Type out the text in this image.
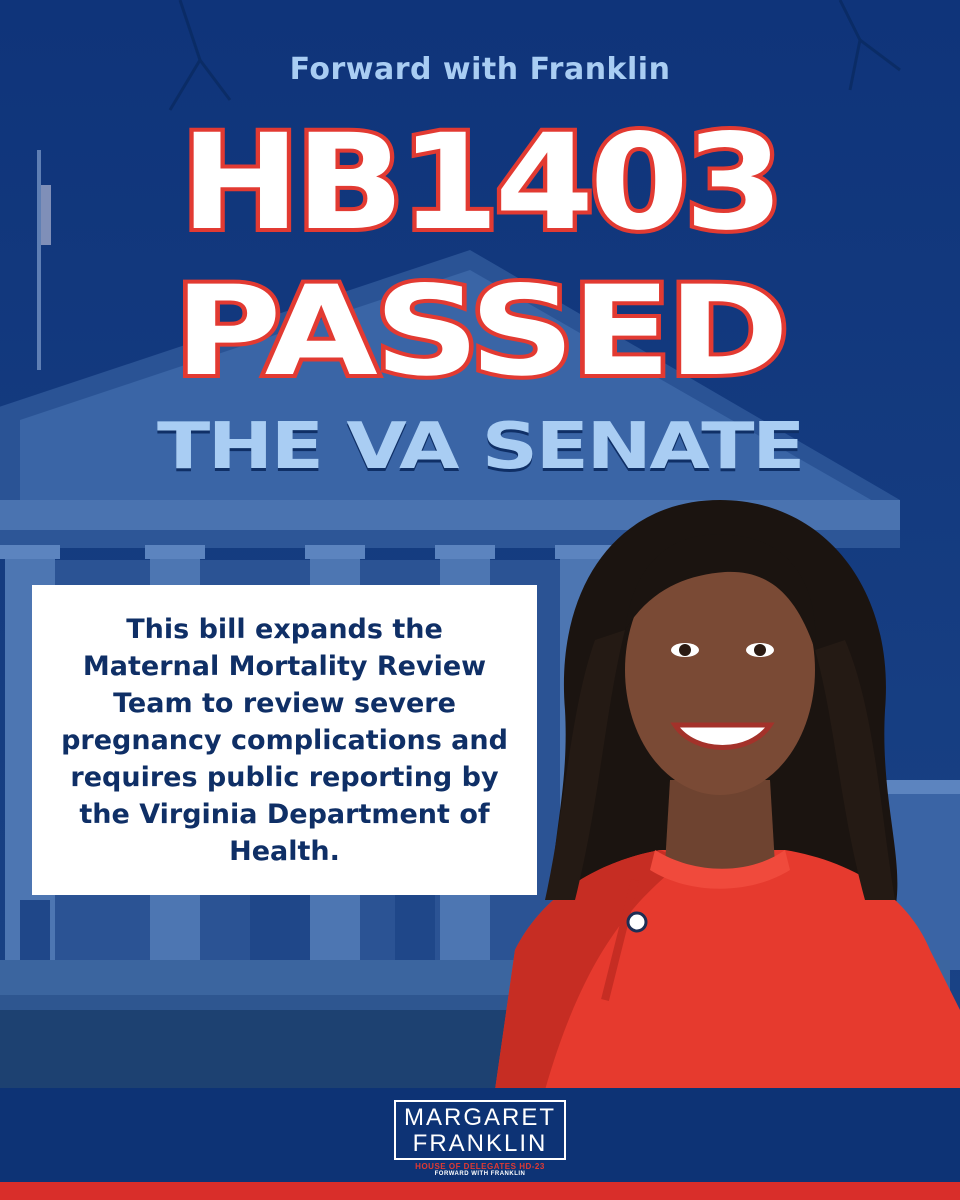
Forward with Franklin
HB1403
PASSED
THE VA SENATE

This bill expands the Maternal Mortality Review Team to review severe pregnancy complications and requires public reporting by the Virginia Department of Health.

MARGARET
FRANKLIN
HOUSE OF DELEGATES HD-23
FORWARD WITH FRANKLIN
